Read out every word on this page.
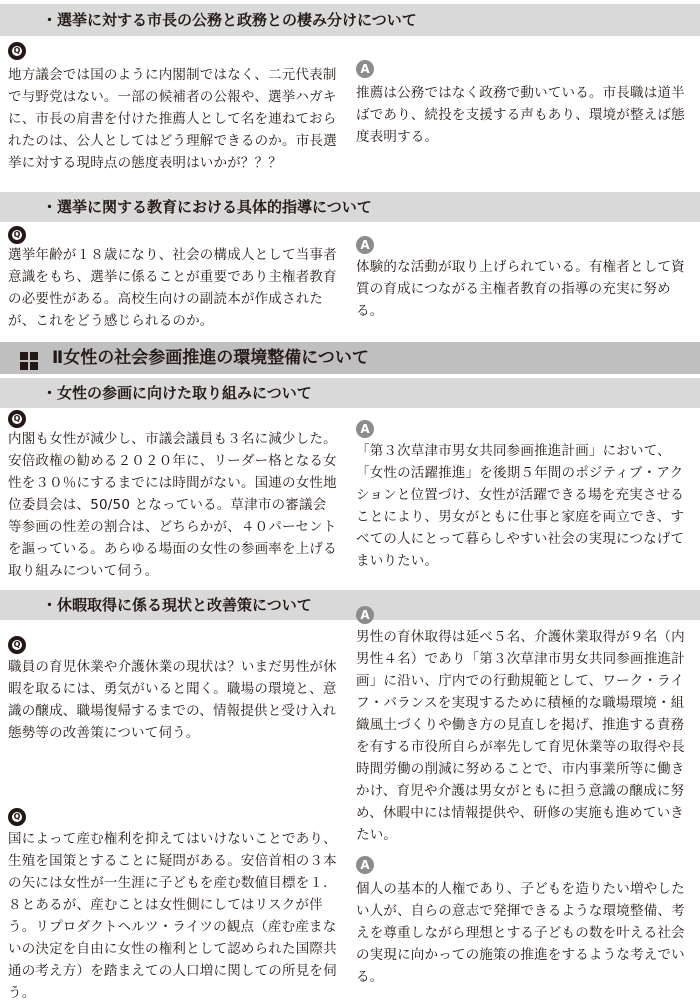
・選挙に対する市長の公務と政務との棲み分けについて
Q

地方議会では国のように内閣制ではなく、二元代表制で与野党はない。一部の候補者の公報や、選挙ハガキに、市長の肩書を付けた推薦人として名を連ねておられたのは、公人としてはどう理解できるのか。市長選挙に対する現時点の態度表明はいかが？？？

A

推薦は公務ではなく政務で動いている。市長職は道半ばであり、続投を支援する声もあり、環境が整えば態度表明する。

・選挙に関する教育における具体的指導について
Q

選挙年齢が１８歳になり、社会の構成人として当事者意識をもち、選挙に係ることが重要であり主権者教育の必要性がある。高校生向けの副読本が作成されたが、これをどう感じられるのか。

A

体験的な活動が取り上げられている。有権者として資質の育成につながる主権者教育の指導の充実に努める。

Ⅱ女性の社会参画推進の環境整備について
・女性の参画に向けた取り組みについて
Q

内閣も女性が減少し、市議会議員も３名に減少した。安倍政権の勧める２０２０年に、リーダー格となる女性を３０％にするまでには時間がない。国連の女性地位委員会は、50/50 となっている。草津市の審議会等参画の性差の割合は、どちらかが、４０パーセントを謳っている。あらゆる場面の女性の参画率を上げる取り組みについて伺う。

A

「第３次草津市男女共同参画推進計画」において、「女性の活躍推進」を後期５年間のポジティブ・アクションと位置づけ、女性が活躍できる場を充実させることにより、男女がともに仕事と家庭を両立でき、すべての人にとって暮らしやすい社会の実現につなげてまいりたい。

・休暇取得に係る現状と改善策について
Q

職員の育児休業や介護休業の現状は？いまだ男性が休暇を取るには、勇気がいると聞く。職場の環境と、意識の醸成、職場復帰するまでの、情報提供と受け入れ態勢等の改善策について伺う。

A

男性の育休取得は延べ５名、介護休業取得が９名（内男性４名）であり「第３次草津市男女共同参画推進計画」に沿い、庁内での行動規範として、ワーク・ライフ・バランスを実現するために積極的な職場環境・組織風土づくりや働き方の見直しを掲げ、推進する責務を有する市役所自らが率先して育児休業等の取得や長時間労働の削減に努めることで、市内事業所等に働きかけ、育児や介護は男女がともに担う意識の醸成に努め、休暇中には情報提供や、研修の実施も進めていきたい。

Q

国によって産む権利を抑えてはいけないことであり、生殖を国策とすることに疑問がある。安倍首相の３本の矢には女性が一生涯に子どもを産む数値目標を１．８とあるが、産むことは女性側にしてはリスクが伴う。リプロダクトヘルツ・ライツの観点（産む産まないの決定を自由に女性の権利として認められた国際共通の考え方）を踏まえての人口増に関しての所見を伺う。

A

個人の基本的人権であり、子どもを造りたい増やしたい人が、自らの意志で発揮できるような環境整備、考えを尊重しながら理想とする子どもの数を叶える社会の実現に向かっての施策の推進をするような考えでいる。
